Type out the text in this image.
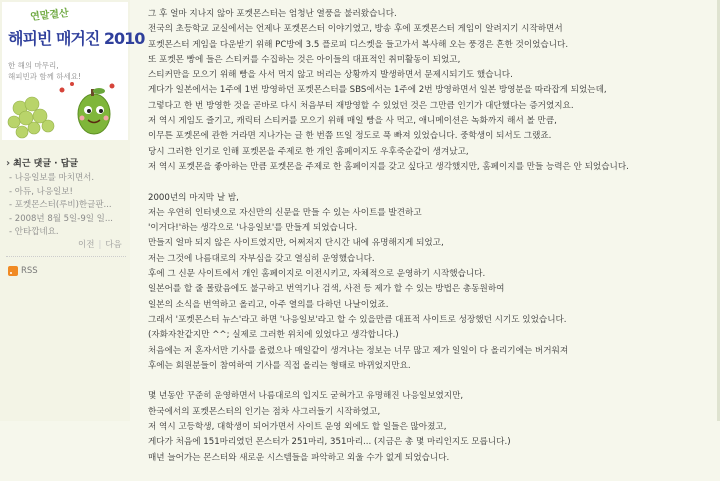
연말결산
해피빈 매거진 2010
한 해의 마무리,
해피빈과 함께 하세요!
› 최근 댓글 · 답글
- 나응일보를 마치면서.
- 아듀, 나응일보!
- 포켓몬스터(루비)한글판...
- 2008년 8월 5일-9일 일...
- 안타깝네요.
이전 | 다음
RSS

그 후 얼마 지나지 않아 포켓몬스터는 엄청난 열풍을 불러왔습니다.
전국의 초등학교 교실에서는 언제나 포켓몬스터 이야기였고, 방송 후에 포켓몬스터 게임이 알려지기 시작하면서
포켓몬스터 게임을 다운받기 위해 PC방에 3.5 플로피 디스켓을 들고가서 복사해 오는 풍경은 흔한 것이었습니다.
또 포켓몬 빵에 들은 스티커를 수집하는 것은 아이들의 대표적인 취미활동이 되었고,
스티커만을 모으기 위해 빵을 사서 먹지 않고 버리는 상황까지 발생하면서 문제시되기도 했습니다.
게다가 일본에서는 1주에 1번 방영하던 포켓몬스터를 SBS에서는 1주에 2번 방영하면서 일본 방영분을 따라잡게 되었는데,
그렇다고 한 번 방영한 것을 곧바로 다시 처음부터 재방영할 수 있었던 것은 그만큼 인기가 대단했다는 증거였지요.
저 역시 게임도 즐기고, 캐릭터 스티커를 모으기 위해 매일 빵을 사 먹고, 애니메이션은 녹화까지 해서 볼 만큼,
이무튼 포켓몬에 관한 거라면 지나가는 글 한 번쯤 뜨일 정도로 푹 빠져 있었습니다. 중학생이 되서도 그랬죠.
당시 그러한 인기로 인해 포켓몬을 주제로 한 개인 홈페이지도 우후죽순같이 생겨났고,
저 역시 포켓몬을 좋아하는 만큼 포켓몬을 주제로 한 홈페이지를 갖고 싶다고 생각했지만, 홈페이지를 만들 능력은 안 되었습니다.

2000년의 마지막 날 밤,
저는 우연히 인터넷으로 자신만의 신문을 만들 수 있는 사이트를 발견하고
'이거다!'하는 생각으로 '나응일보'를 만들게 되었습니다.
만들지 얼마 되지 않은 사이트였지만, 어쩌저지 단시간 내에 유명해지게 되었고,
저는 그것에 나름대로의 자부심을 갖고 열심히 운영했습니다.
후에 그 신문 사이트에서 개인 홈페이지로 이전시키고, 자체적으로 운영하기 시작했습니다.
일본어를 할 줄 몰랐음에도 불구하고 번역기나 검색, 사전 등 제가 할 수 있는 방법은 총동원하여
일본의 소식을 번역하고 올리고, 아주 열의를 다하던 나날이었죠.
그래서 '포켓몬스터 뉴스'라고 하면 '나응일보'라고 할 수 있을만큼 대표적 사이트로 성장했던 시기도 있었습니다.
(자화자찬같지만 ^^; 실제로 그러한 위치에 있었다고 생각합니다.)
처음에는 저 혼자서만 기사를 올렸으나 매일같이 생겨나는 정보는 너무 많고 제가 일일이 다 올리기에는 버거워져
후에는 회원분들이 참여하여 기사를 직접 올리는 형태로 바뀌었지만요.

몇 년동안 꾸준히 운영하면서 나름대로의 입지도 굳혀가고 유명해진 나응일보였지만,
한국에서의 포켓몬스터의 인기는 점차 사그러들기 시작하였고,
저 역시 고등학생, 대학생이 되어가면서 사이트 운영 외에도 할 일들은 많아졌고,
게다가 처음에 151마리였던 몬스터가 251마리, 351마리... (지금은 총 몇 마리인지도 모릅니다.)
매년 늘어가는 몬스터와 새로운 시스템들을 파악하고 외울 수가 없게 되었습니다.
